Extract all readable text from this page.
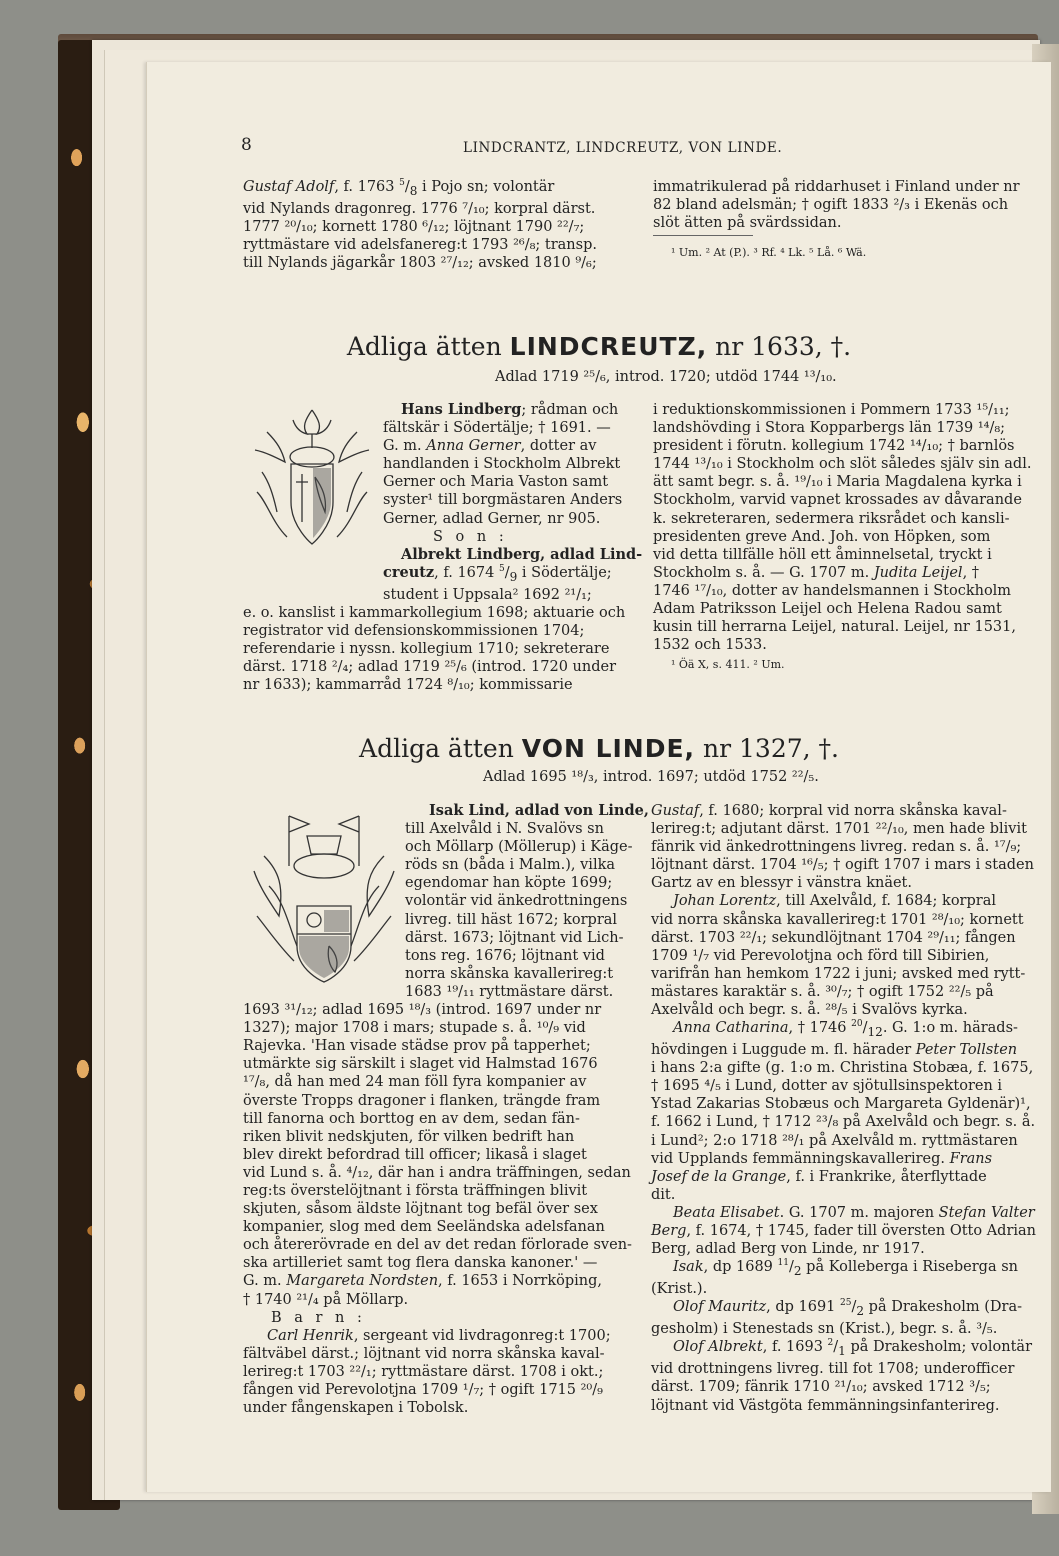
8	LINDCRANTZ, LINDCREUTZ, VON LINDE.
Gustaf Adolf, f. 1763 $^5/_8$ i Pojo sn; volontär
vid Nylands dragonreg. 1776 ⁷/₁₀; korpral därst.
1777 ²⁰/₁₀; kornett 1780 ⁶/₁₂; löjtnant 1790 ²²/₇;
ryttmästare vid adelsfanereg:t 1793 ²⁶/₈; transp.
till Nylands jägarkår 1803 ²⁷/₁₂; avsked 1810 ⁹/₆;
immatrikulerad på riddarhuset i Finland under nr
82 bland adelsmän; † ogift 1833 ²/₃ i Ekenäs och
slöt ätten på svärdssidan.
¹ Um. ² At (P.). ³ Rf. ⁴ Lk. ⁵ Lå. ⁶ Wä.
Adliga ätten LINDCREUTZ, nr 1633, †.
Adlad 1719 ²⁵/₆, introd. 1720; utdöd 1744 ¹³/₁₀.
Hans Lindberg; rådman och
fältskär i Södertälje; † 1691. —
G. m. Anna Gerner, dotter av
handlanden i Stockholm Albrekt
Gerner och Maria Vaston samt
syster¹ till borgmästaren Anders
Gerner, adlad Gerner, nr 905.
S o n :
Albrekt Lindberg, adlad Lind-
creutz, f. 1674 $^5/_9$ i Södertälje;
student i Uppsala² 1692 ²¹/₁;
e. o. kanslist i kammarkollegium 1698; aktuarie och
registrator vid defensionskommissionen 1704;
referendarie i nyssn. kollegium 1710; sekreterare
därst. 1718 ²/₄; adlad 1719 ²⁵/₆ (introd. 1720 under
nr 1633); kammarråd 1724 ⁸/₁₀; kommissarie
i reduktionskommissionen i Pommern 1733 ¹⁵/₁₁;
landshövding i Stora Kopparbergs län 1739 ¹⁴/₈;
president i förutn. kollegium 1742 ¹⁴/₁₀; † barnlös
1744 ¹³/₁₀ i Stockholm och slöt således själv sin adl.
ätt samt begr. s. å. ¹⁹/₁₀ i Maria Magdalena kyrka i
Stockholm, varvid vapnet krossades av dåvarande
k. sekreteraren, sedermera riksrådet och kansli-
presidenten greve And. Joh. von Höpken, som
vid detta tillfälle höll ett åminnelsetal, tryckt i
Stockholm s. å. — G. 1707 m. Judita Leijel, †
1746 ¹⁷/₁₀, dotter av handelsmannen i Stockholm
Adam Patriksson Leijel och Helena Radou samt
kusin till herrarna Leijel, natural. Leijel, nr 1531,
1532 och 1533.
¹ Öä X, s. 411. ² Um.
Adliga ätten VON LINDE, nr 1327, †.
Adlad 1695 ¹⁸/₃, introd. 1697; utdöd 1752 ²²/₅.
Isak Lind, adlad von Linde,
till Axelvåld i N. Svalövs sn
och Möllarp (Möllerup) i Käge-
röds sn (båda i Malm.), vilka
egendomar han köpte 1699;
volontär vid änkedrottningens
livreg. till häst 1672; korpral
därst. 1673; löjtnant vid Lich-
tons reg. 1676; löjtnant vid
norra skånska kavallerireg:t
1683 ¹⁹/₁₁ ryttmästare därst.
1693 ³¹/₁₂; adlad 1695 ¹⁸/₃ (introd. 1697 under nr
1327); major 1708 i mars; stupade s. å. ¹⁰/₉ vid
Rajevka. 'Han visade städse prov på tapperhet;
utmärkte sig särskilt i slaget vid Halmstad 1676
¹⁷/₈, då han med 24 man föll fyra kompanier av
överste Tropps dragoner i flanken, trängde fram
till fanorna och borttog en av dem, sedan fän-
riken blivit nedskjuten, för vilken bedrift han
blev direkt befordrad till officer; likaså i slaget
vid Lund s. å. ⁴/₁₂, där han i andra träffningen, sedan
reg:ts överstelöjtnant i första träffningen blivit
skjuten, såsom äldste löjtnant tog befäl över sex
kompanier, slog med dem Seeländska adelsfanan
och återerövrade en del av det redan förlorade sven-
ska artilleriet samt tog flera danska kanoner.' —
G. m. Margareta Nordsten, f. 1653 i Norrköping,
† 1740 ²¹/₄ på Möllarp.
B a r n :
Carl Henrik, sergeant vid livdragonreg:t 1700;
fältväbel därst.; löjtnant vid norra skånska kaval-
lerireg:t 1703 ²²/₁; ryttmästare därst. 1708 i okt.;
fången vid Perevolotjna 1709 ¹/₇; † ogift 1715 ²⁰/₉
under fångenskapen i Tobolsk.
Gustaf, f. 1680; korpral vid norra skånska kaval-
lerireg:t; adjutant därst. 1701 ²²/₁₀, men hade blivit
fänrik vid änkedrottningens livreg. redan s. å. ¹⁷/₉;
löjtnant därst. 1704 ¹⁶/₅; † ogift 1707 i mars i staden
Gartz av en blessyr i vänstra knäet.
Johan Lorentz, till Axelvåld, f. 1684; korpral
vid norra skånska kavallerireg:t 1701 ²⁸/₁₀; kornett
därst. 1703 ²²/₁; sekundlöjtnant 1704 ²⁹/₁₁; fången
1709 ¹/₇ vid Perevolotjna och förd till Sibirien,
varifrån han hemkom 1722 i juni; avsked med rytt-
mästares karaktär s. å. ³⁰/₇; † ogift 1752 ²²/₅ på
Axelvåld och begr. s. å. ²⁸/₅ i Svalövs kyrka.
Anna Catharina, † 1746 $^{20}/_{12}$. G. 1:o m. härads-
hövdingen i Luggude m. fl. härader Peter Tollsten
i hans 2:a gifte (g. 1:o m. Christina Stobæa, f. 1675,
† 1695 ⁴/₅ i Lund, dotter av sjötullsinspektoren i
Ystad Zakarias Stobæus och Margareta Gyldenär)¹,
f. 1662 i Lund, † 1712 ²³/₈ på Axelvåld och begr. s. å.
i Lund²; 2:o 1718 ²⁸/₁ på Axelvåld m. ryttmästaren
vid Upplands femmänningskavallerireg. Frans
Josef de la Grange, f. i Frankrike, återflyttade
dit.
Beata Elisabet. G. 1707 m. majoren Stefan Valter
Berg, f. 1674, † 1745, fader till översten Otto Adrian
Berg, adlad Berg von Linde, nr 1917.
Isak, dp 1689 $^{11}/_2$ på Kolleberga i Riseberga sn
(Krist.).
Olof Mauritz, dp 1691 $^{25}/_2$ på Drakesholm (Dra-
gesholm) i Stenestads sn (Krist.), begr. s. å. ³/₅.
Olof Albrekt, f. 1693 $^2/_1$ på Drakesholm; volontär
vid drottningens livreg. till fot 1708; underofficer
därst. 1709; fänrik 1710 ²¹/₁₀; avsked 1712 ³/₅;
löjtnant vid Västgöta femmänningsinfanterireg.
